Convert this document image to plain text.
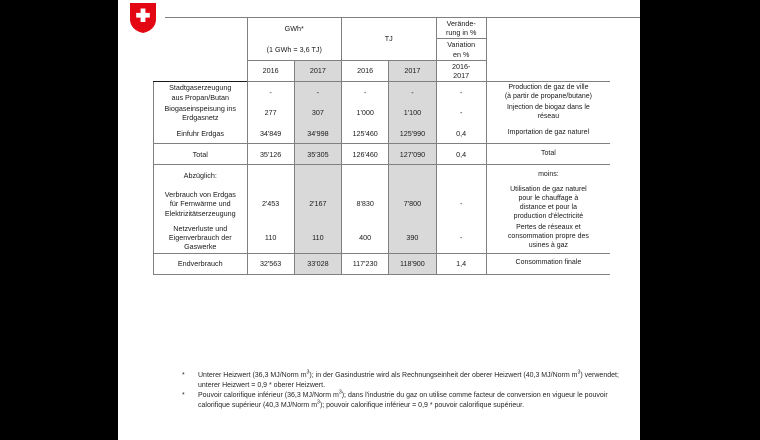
	GWh*		TJ		Verände-
rung in %	
	(1 GWh = 3,6 TJ)				Variation
en %	
	2016	2017	2016	2017	2016-
2017	
Stadtgaserzeugung
aus Propan/Butan	-	-	-	-	-	Production de gaz de ville
(à partir de propane/butane)
Biogaseinspeisung ins
Erdgasnetz	277	307	1'000	1'100	-	Injection de biogaz dans le
réseau
Einfuhr Erdgas	34'849	34'998	125'460	125'990	0,4	Importation de gaz naturel
Total	35'126	35'305	126'460	127'090	0,4	Total
Abzüglich:						moins:
Verbrauch von Erdgas
für Fernwärme und
Elektrizitätserzeugung	2'453	2'167	8'830	7'800	-	Utilisation de gaz naturel
pour le chauffage à
distance et pour la
production d'électricité
Netzverluste und
Eigenverbrauch der
Gaswerke	110	110	400	390	-	Pertes de réseaux et
consommation propre des
usines à gaz
Endverbrauch	32'563	33'028	117'230	118'900	1,4	Consommation finale
*	Unterer Heizwert (36,3 MJ/Norm $m^3$); in der Gasindustrie wird als Rechnungseinheit der oberer Heizwert (40,3 MJ/Norm $m^3$) verwendet; unterer Heizwert = 0,9 * oberer Heizwert.
*	Pouvoir calorifique inférieur (36,3 MJ/Norm $m^3$); dans l'industrie du gaz on utilise comme facteur de conversion en vigueur le pouvoir calorifique supérieur (40,3 MJ/Norm $m^3$); pouvoir calorifique inférieur = 0,9 * pouvoir calorifique supérieur.
